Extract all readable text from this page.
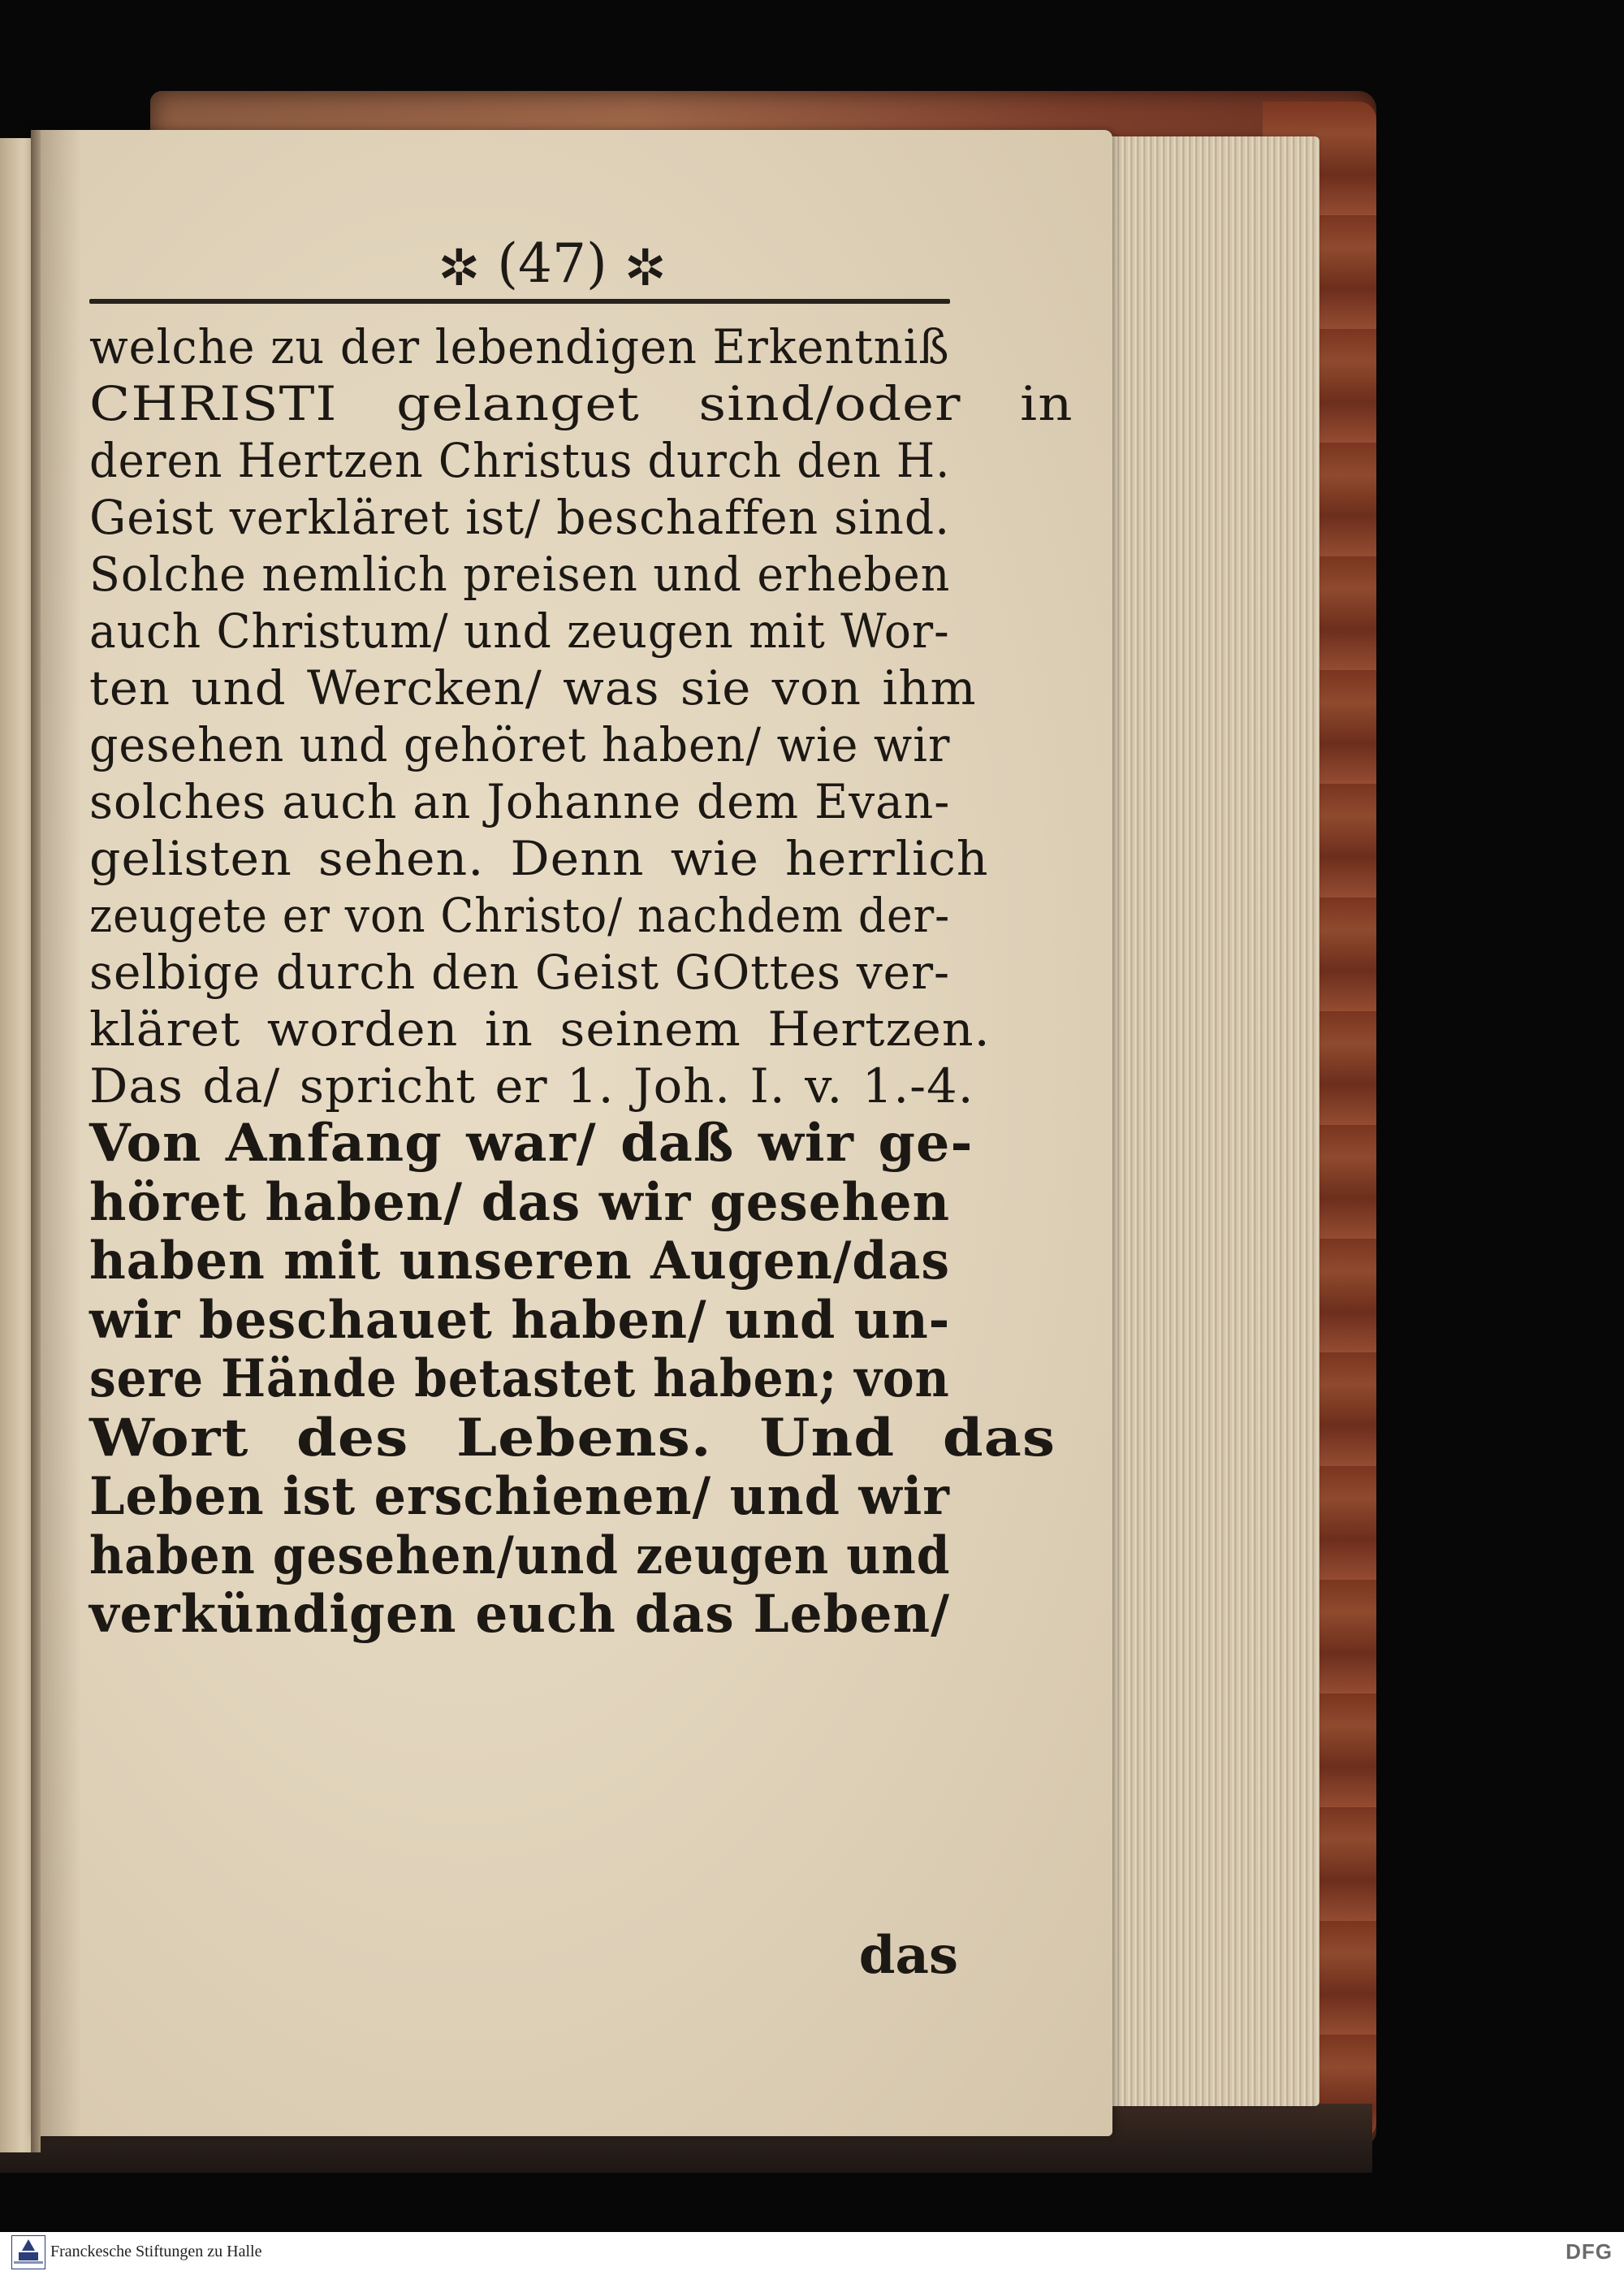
✲ (47) ✲
welche zu der lebendigen Erkentniß
CHRISTI gelanget sind/oder in
deren Hertzen Christus durch den H.
Geist verkläret ist/ beschaffen sind.
Solche nemlich preisen und erheben
auch Christum/ und zeugen mit Wor-
ten und Wercken/ was sie von ihm
gesehen und gehöret haben/ wie wir
solches auch an Johanne dem Evan-
gelisten sehen. Denn wie herrlich
zeugete er von Christo/ nachdem der-
selbige durch den Geist GOttes ver-
kläret worden in seinem Hertzen.
Das da/ spricht er 1. Joh. I. v. 1.-4.
Von Anfang war/ daß wir ge-
höret haben/ das wir gesehen
haben mit unseren Augen/das
wir beschauet haben/ und un-
sere Hände betastet haben; von
Wort des Lebens. Und das
Leben ist erschienen/ und wir
haben gesehen/und zeugen und
verkündigen euch das Leben/
das
Franckesche Stiftungen zu Halle	DFG
